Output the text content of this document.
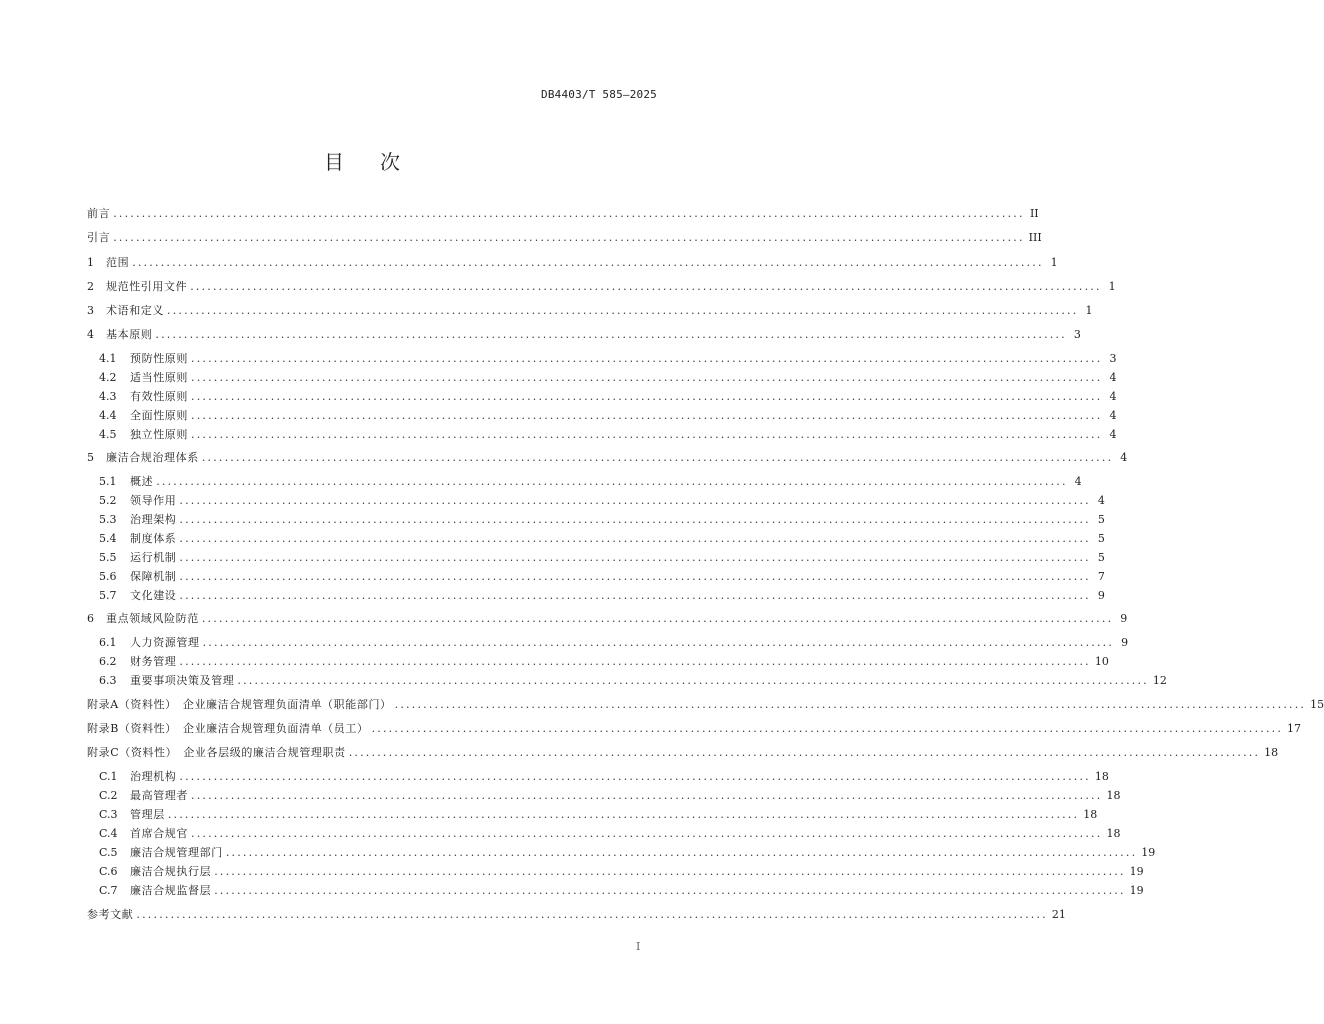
DB4403/T 585—2025
目次
前言 ................................................................................................................................................................ II
引言 ................................................................................................................................................................ III
1	范围 ................................................................................................................................................................ 1
2	规范性引用文件 ................................................................................................................................................................ 1
3	术语和定义 ................................................................................................................................................................ 1
4	基本原则 ................................................................................................................................................................ 3
4.1	预防性原则 ................................................................................................................................................................ 3
4.2	适当性原则 ................................................................................................................................................................ 4
4.3	有效性原则 ................................................................................................................................................................ 4
4.4	全面性原则 ................................................................................................................................................................ 4
4.5	独立性原则 ................................................................................................................................................................ 4
5	廉洁合规治理体系 ................................................................................................................................................................ 4
5.1	概述 ................................................................................................................................................................ 4
5.2	领导作用 ................................................................................................................................................................ 4
5.3	治理架构 ................................................................................................................................................................ 5
5.4	制度体系 ................................................................................................................................................................ 5
5.5	运行机制 ................................................................................................................................................................ 5
5.6	保障机制 ................................................................................................................................................................ 7
5.7	文化建设 ................................................................................................................................................................ 9
6	重点领域风险防范 ................................................................................................................................................................ 9
6.1	人力资源管理 ................................................................................................................................................................ 9
6.2	财务管理 ................................................................................................................................................................ 10
6.3	重要事项决策及管理 ................................................................................................................................................................ 12
附录A（资料性）　企业廉洁合规管理负面清单（职能部门） ................................................................................................................................................................ 15
附录B（资料性）　企业廉洁合规管理负面清单（员工） ................................................................................................................................................................ 17
附录C（资料性）　企业各层级的廉洁合规管理职责 ................................................................................................................................................................ 18
C.1	治理机构 ................................................................................................................................................................ 18
C.2	最高管理者 ................................................................................................................................................................ 18
C.3	管理层 ................................................................................................................................................................ 18
C.4	首席合规官 ................................................................................................................................................................ 18
C.5	廉洁合规管理部门 ................................................................................................................................................................ 19
C.6	廉洁合规执行层 ................................................................................................................................................................ 19
C.7	廉洁合规监督层 ................................................................................................................................................................ 19
参考文献 ................................................................................................................................................................ 21
I
